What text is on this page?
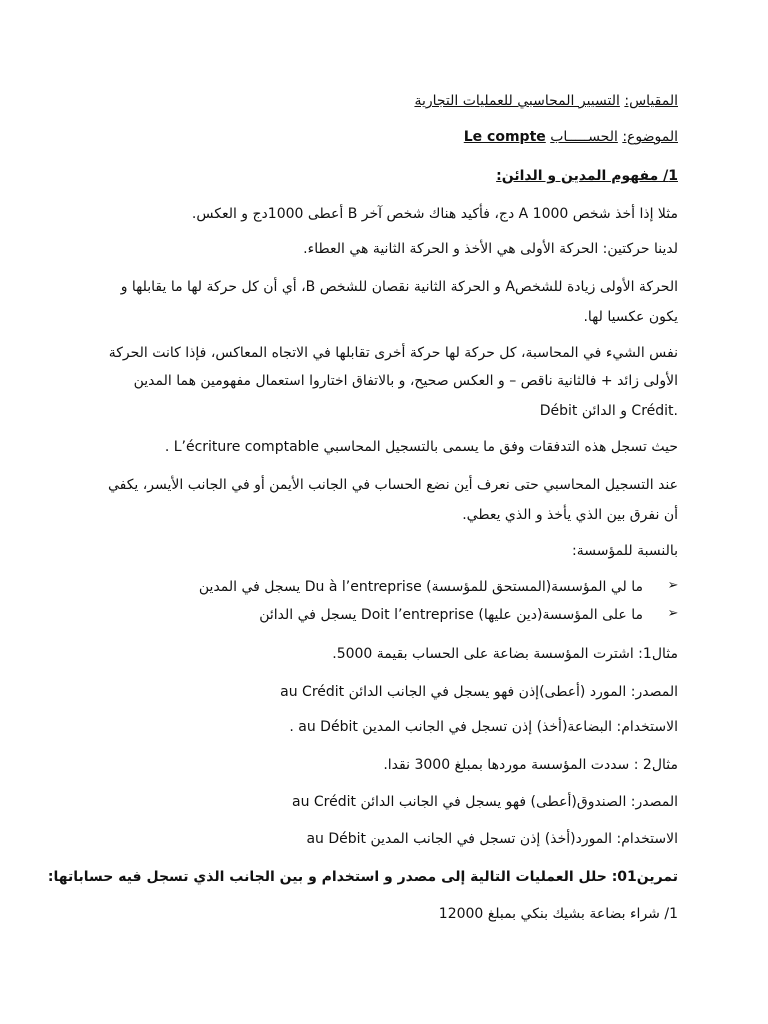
المقياس: التسيير المحاسبي للعمليات التجارية
الموضوع: الحســـــاب Le compte
1/ مفهوم المدين و الدائن:
مثلا إذا أخذ شخص A 1000 دج، فأكيد هناك شخص آخر B أعطى 1000دج و العكس.
لدينا حركتين: الحركة الأولى هي الأخذ و الحركة الثانية هي العطاء.
الحركة الأولى زيادة للشخصA و الحركة الثانية نقصان للشخص B، أي أن كل حركة لها ما يقابلها و
يكون عكسيا لها.
نفس الشيء في المحاسبة، كل حركة لها حركة أخرى تقابلها في الاتجاه المعاكس، فإذا كانت الحركة
الأولى زائد + فالثانية ناقص – و العكس صحيح، و بالاتفاق اختاروا استعمال مفهومين هما المدين
Débit و الدائن Crédit.
حيث تسجل هذه التدفقات وفق ما يسمى بالتسجيل المحاسبي L’écriture comptable .
عند التسجيل المحاسبي حتى نعرف أين نضع الحساب في الجانب الأيمن أو في الجانب الأيسر، يكفي
أن نفرق بين الذي يأخذ و الذي يعطي.
بالنسبة للمؤسسة:
➢
ما لي المؤسسة(المستحق للمؤسسة) Du à l’entreprise يسجل في المدين
➢
ما على المؤسسة(دين عليها) Doit l’entreprise يسجل في الدائن
مثال1: اشترت المؤسسة بضاعة على الحساب بقيمة 5000.
المصدر: المورد (أعطى)إذن فهو يسجل في الجانب الدائن au Crédit
الاستخدام: البضاعة(أخذ) إذن تسجل في الجانب المدين au Débit .
مثال2 : سددت المؤسسة موردها بمبلغ 3000 نقدا.
المصدر: الصندوق(أعطى) فهو يسجل في الجانب الدائن au Crédit
الاستخدام: المورد(أخذ) إذن تسجل في الجانب المدين au Débit
تمرين01: حلل العمليات التالية إلى مصدر و استخدام و بين الجانب الذي تسجل فيه حساباتها:
1/ شراء بضاعة بشيك بنكي بمبلغ 12000
